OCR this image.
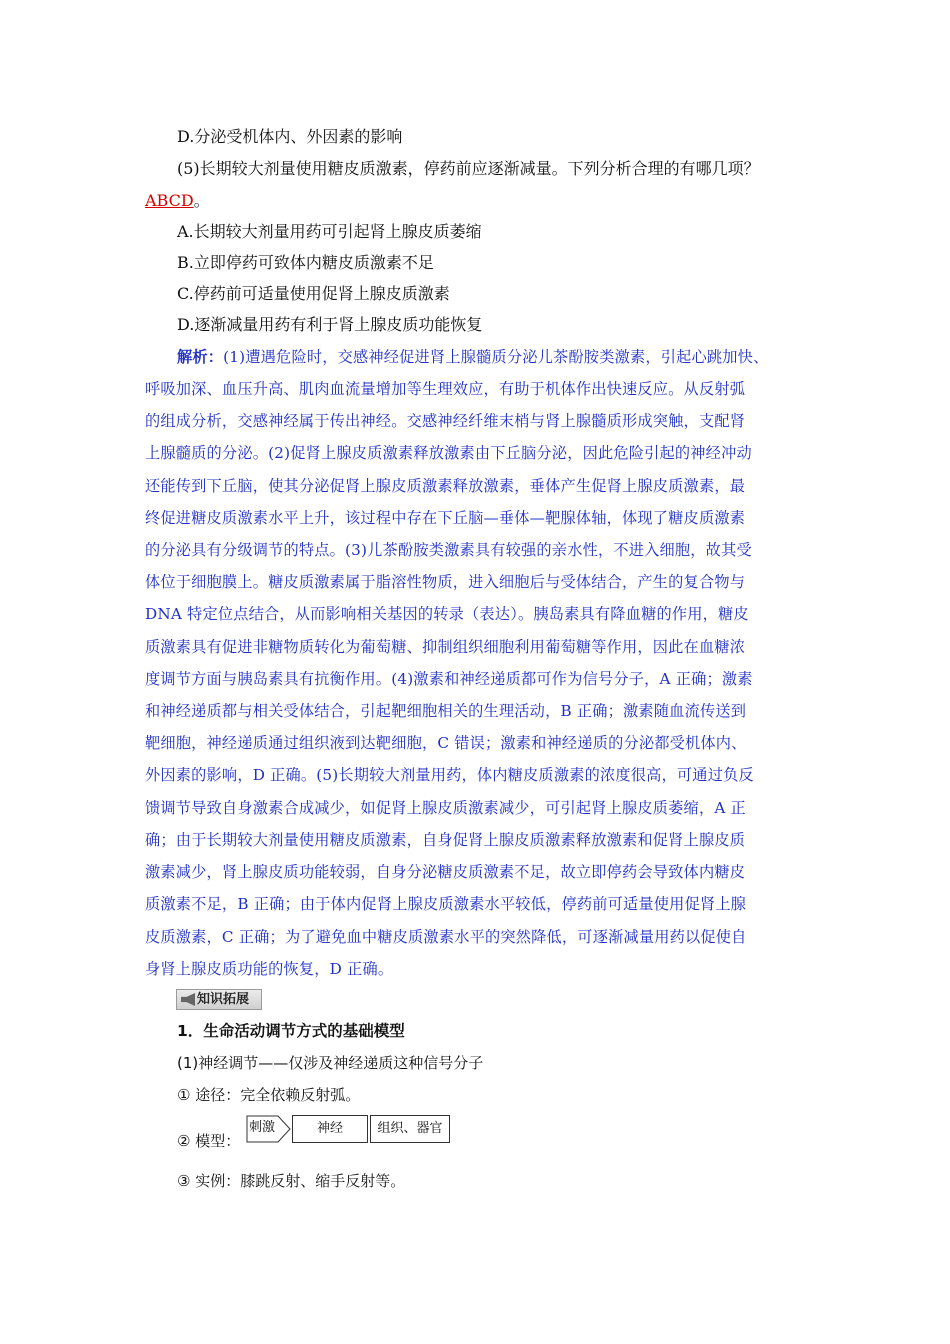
D.分泌受机体内、外因素的影响
(5)长期较大剂量使用糖皮质激素，停药前应逐渐减量。下列分析合理的有哪几项？
ABCD。
A.长期较大剂量用药可引起肾上腺皮质萎缩
B.立即停药可致体内糖皮质激素不足
C.停药前可适量使用促肾上腺皮质激素
D.逐渐减量用药有利于肾上腺皮质功能恢复
解析：(1)遭遇危险时，交感神经促进肾上腺髓质分泌儿茶酚胺类激素，引起心跳加快、
呼吸加深、血压升高、肌肉血流量增加等生理效应，有助于机体作出快速反应。从反射弧
的组成分析，交感神经属于传出神经。交感神经纤维末梢与肾上腺髓质形成突触，支配肾
上腺髓质的分泌。(2)促肾上腺皮质激素释放激素由下丘脑分泌，因此危险引起的神经冲动
还能传到下丘脑，使其分泌促肾上腺皮质激素释放激素，垂体产生促肾上腺皮质激素，最
终促进糖皮质激素水平上升，该过程中存在下丘脑—垂体—靶腺体轴，体现了糖皮质激素
的分泌具有分级调节的特点。(3)儿茶酚胺类激素具有较强的亲水性，不进入细胞，故其受
体位于细胞膜上。糖皮质激素属于脂溶性物质，进入细胞后与受体结合，产生的复合物与
DNA 特定位点结合，从而影响相关基因的转录（表达）。胰岛素具有降血糖的作用，糖皮
质激素具有促进非糖物质转化为葡萄糖、抑制组织细胞利用葡萄糖等作用，因此在血糖浓
度调节方面与胰岛素具有抗衡作用。(4)激素和神经递质都可作为信号分子，A 正确；激素
和神经递质都与相关受体结合，引起靶细胞相关的生理活动，B 正确；激素随血流传送到
靶细胞，神经递质通过组织液到达靶细胞，C 错误；激素和神经递质的分泌都受机体内、
外因素的影响，D 正确。(5)长期较大剂量用药，体内糖皮质激素的浓度很高，可通过负反
馈调节导致自身激素合成减少，如促肾上腺皮质激素减少，可引起肾上腺皮质萎缩，A 正
确；由于长期较大剂量使用糖皮质激素，自身促肾上腺皮质激素释放激素和促肾上腺皮质
激素减少，肾上腺皮质功能较弱，自身分泌糖皮质激素不足，故立即停药会导致体内糖皮
质激素不足，B 正确；由于体内促肾上腺皮质激素水平较低，停药前可适量使用促肾上腺
皮质激素，C 正确；为了避免血中糖皮质激素水平的突然降低，可逐渐减量用药以促使自
身肾上腺皮质功能的恢复，D 正确。
知识拓展
1．生命活动调节方式的基础模型
(1)神经调节——仅涉及神经递质这种信号分子
① 途径：完全依赖反射弧。
② 模型：
刺激	神经	组织、器官
③ 实例：膝跳反射、缩手反射等。
